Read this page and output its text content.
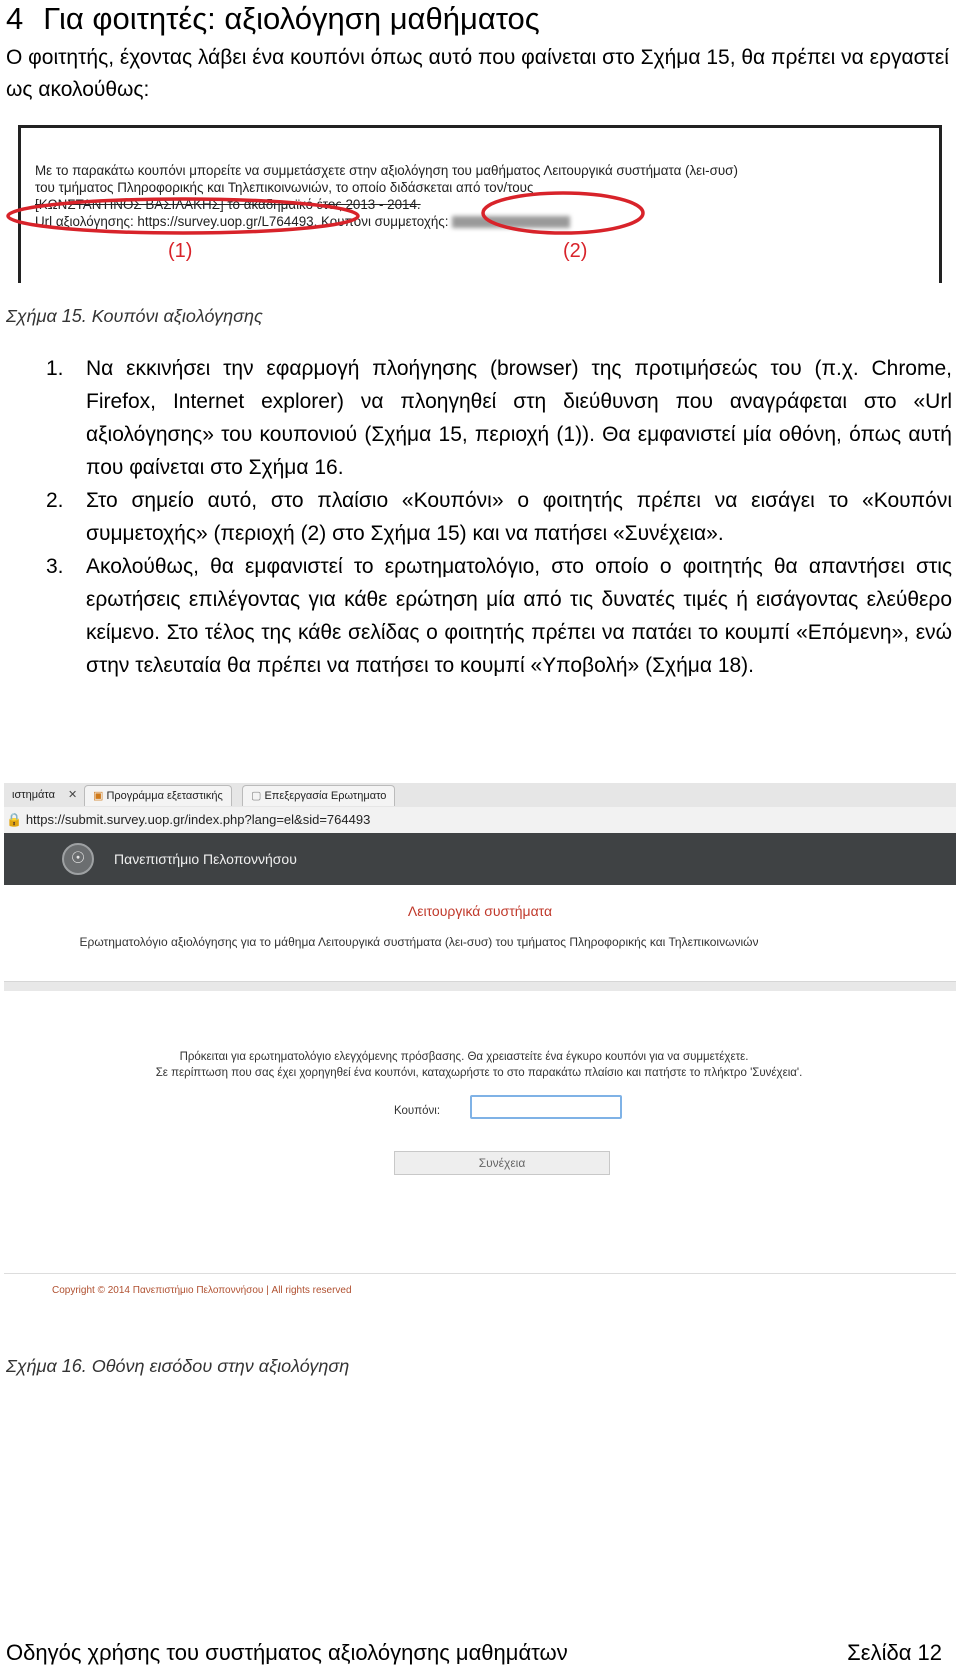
4 Για φοιτητές: αξιολόγηση μαθήματος
Ο φοιτητής, έχοντας λάβει ένα κουπόνι όπως αυτό που φαίνεται στο Σχήμα 15, θα πρέπει να εργαστεί ως ακολούθως:
Με το παρακάτω κουπόνι μπορείτε να συμμετάσχετε στην αξιολόγηση του μαθήματος Λειτουργικά συστήματα (λει-συσ)
του τμήματος Πληροφορικής και Τηλεπικοινωνιών, το οποίο διδάσκεται από τον/τους
[ΚΩΝΣΤΑΝΤΙΝΟΣ ΒΑΣΙΛΑΚΗΣ] το ακαδημαϊκό έτος 2013 - 2014.
Url αξιολόγησης: https://survey.uop.gr/L764493. Κουπόνι συμμετοχής:
(1)	(2)
Σχήμα 15. Κουπόνι αξιολόγησης
1.	Να εκκινήσει την εφαρμογή πλοήγησης (browser) της προτιμήσεώς του (π.χ. Chrome, Firefox, Internet explorer) να πλοηγηθεί στη διεύθυνση που αναγράφεται στο «Url αξιολόγησης» του κουπονιού (Σχήμα 15, περιοχή (1)). Θα εμφανιστεί μία οθόνη, όπως αυτή που φαίνεται στο Σχήμα 16.
2.	Στο σημείο αυτό, στο πλαίσιο «Κουπόνι» ο φοιτητής πρέπει να εισάγει το «Κουπόνι συμμετοχής» (περιοχή (2) στο Σχήμα 15) και να πατήσει «Συνέχεια».
3.	Ακολούθως, θα εμφανιστεί το ερωτηματολόγιο, στο οποίο ο φοιτητής θα απαντήσει στις ερωτήσεις επιλέγοντας για κάθε ερώτηση μία από τις δυνατές τιμές ή εισάγοντας ελεύθερο κείμενο. Στο τέλος της κάθε σελίδας ο φοιτητής πρέπει να πατάει το κουμπί «Επόμενη», ενώ στην τελευταία θα πρέπει να πατήσει το κουμπί «Υποβολή» (Σχήμα 18).
ιστημάτα	✕	▣ Προγράμμα εξεταστικής	▢ Επεξεργασία Ερωτηματο
🔒 https://submit.survey.uop.gr/index.php?lang=el&sid=764493
☉	Πανεπιστήμιο Πελοποννήσου
Λειτουργικά συστήματα
Ερωτηματολόγιο αξιολόγησης για το μάθημα Λειτουργικά συστήματα (λει-συσ) του τμήματος Πληροφορικής και Τηλεπικοινωνιών
Πρόκειται για ερωτηματολόγιο ελεγχόμενης πρόσβασης. Θα χρειαστείτε ένα έγκυρο κουπόνι για να συμμετέχετε.
Σε περίπτωση που σας έχει χορηγηθεί ένα κουπόνι, καταχωρήστε το στο παρακάτω πλαίσιο και πατήστε το πλήκτρο 'Συνέχεια'.
Κουπόνι:
Συνέχεια
Copyright © 2014 Πανεπιστήμιο Πελοποννήσου | All rights reserved
Σχήμα 16. Οθόνη εισόδου στην αξιολόγηση
Οδηγός χρήσης του συστήματος αξιολόγησης μαθημάτων	Σελίδα 12
